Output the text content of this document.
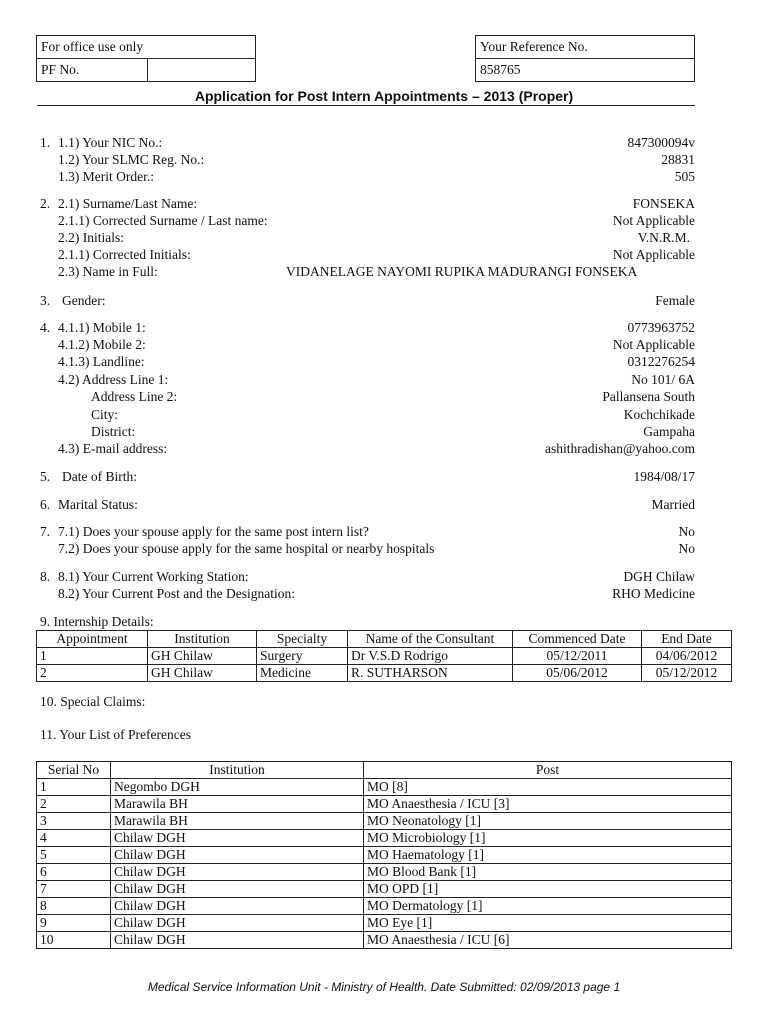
For office use only
PF No.	
Your Reference No.
858765
Application for Post Intern Appointments – 2013 (Proper)
1. 1.1) Your NIC No.:	847300094v
1.2) Your SLMC Reg. No.:	28831
1.3) Merit Order.:	505
2. 2.1) Surname/Last Name:	FONSEKA
2.1.1) Corrected Surname / Last name:	Not Applicable
2.2) Initials:	V.N.R.M.
2.1.1) Corrected Initials:	Not Applicable
2.3) Name in Full:	VIDANELAGE NAYOMI RUPIKA MADURANGI FONSEKA
3. Gender:	Female
4. 4.1.1) Mobile 1:	0773963752
4.1.2) Mobile 2:	Not Applicable
4.1.3) Landline:	0312276254
4.2) Address Line 1:	No 101/ 6A
Address Line 2:	Pallansena South
City:	Kochchikade
District:	Gampaha
4.3) E-mail address:	ashithradishan@yahoo.com
5. Date of Birth:	1984/08/17
6. Marital Status:	Married
7. 7.1) Does your spouse apply for the same post intern list?	No
7.2) Does your spouse apply for the same hospital or nearby hospitals	No
8. 8.1) Your Current Working Station:	DGH Chilaw
8.2) Your Current Post and the Designation:	RHO Medicine
9. Internship Details:
Appointment	Institution	Specialty	Name of the Consultant	Commenced Date	End Date
1	GH Chilaw	Surgery	Dr V.S.D Rodrigo	05/12/2011	04/06/2012
2	GH Chilaw	Medicine	R. SUTHARSON	05/06/2012	05/12/2012
10. Special Claims:
11. Your List of Preferences
Serial No	Institution	Post
1	Negombo DGH	MO [8]
2	Marawila BH	MO Anaesthesia / ICU [3]
3	Marawila BH	MO Neonatology [1]
4	Chilaw DGH	MO Microbiology [1]
5	Chilaw DGH	MO Haematology [1]
6	Chilaw DGH	MO Blood Bank [1]
7	Chilaw DGH	MO OPD [1]
8	Chilaw DGH	MO Dermatology [1]
9	Chilaw DGH	MO Eye [1]
10	Chilaw DGH	MO Anaesthesia / ICU [6]
Medical Service Information Unit - Ministry of Health. Date Submitted: 02/09/2013 page 1
